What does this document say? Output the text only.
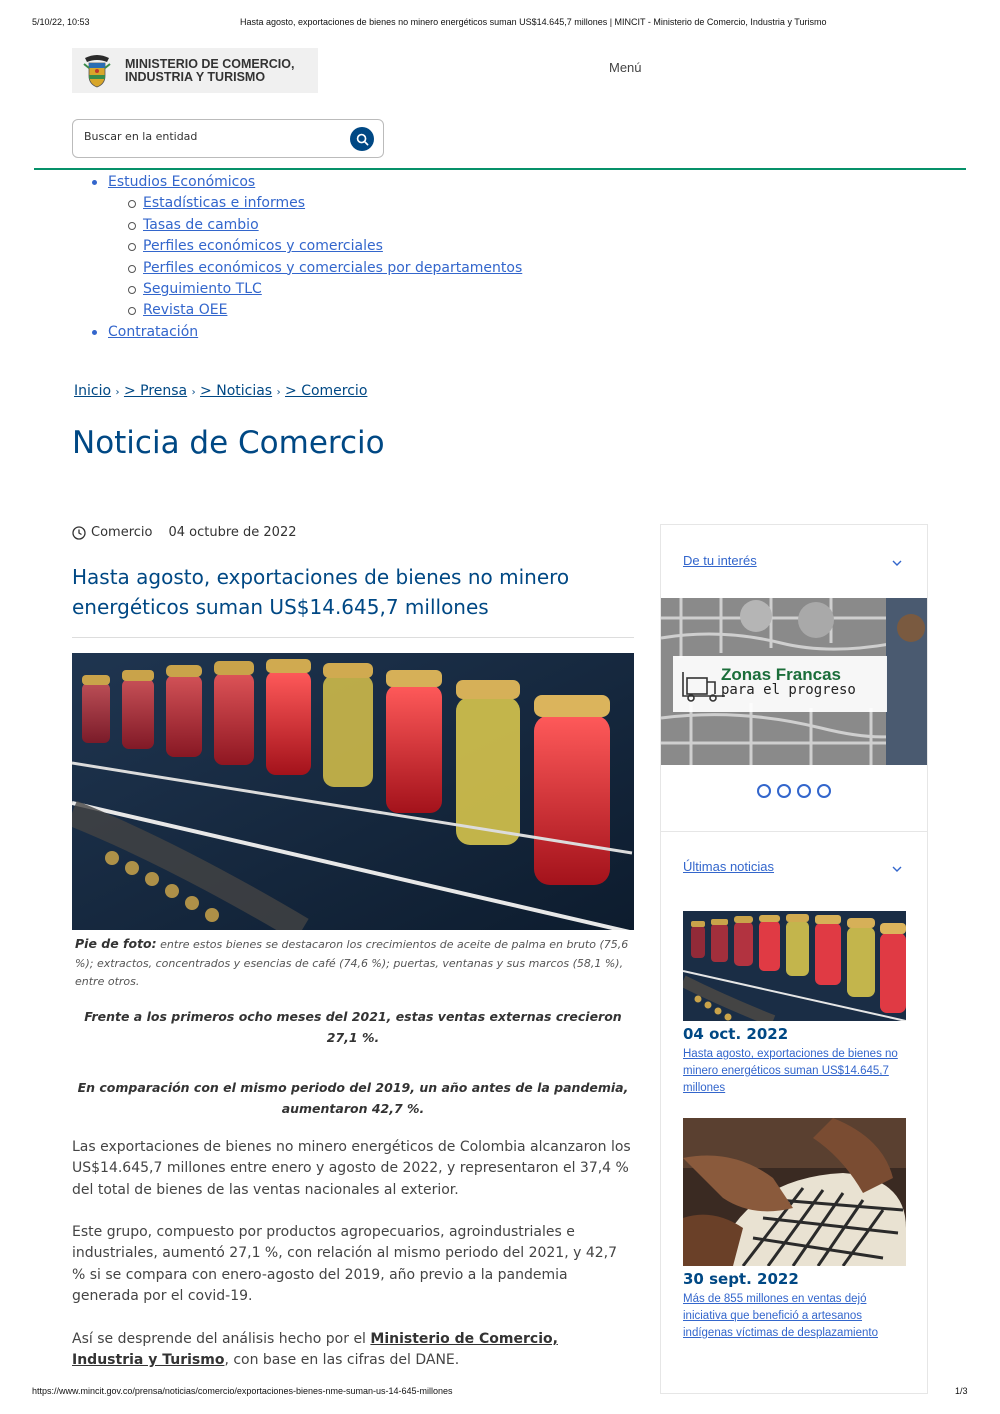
5/10/22, 10:53	Hasta agosto, exportaciones de bienes no minero energéticos suman US$14.645,7 millones | MINCIT - Ministerio de Comercio, Industria y Turismo
MINISTERIO DE COMERCIO,
INDUSTRIA Y TURISMO
Menú
Buscar en la entidad
Estudios Económicos
Estadísticas e informes
Tasas de cambio
Perfiles económicos y comerciales
Perfiles económicos y comerciales por departamentos
Seguimiento TLC
Revista OEE
Contratación
Inicio › > Prensa › > Noticias › > Comercio
Noticia de Comercio
Comercio 04 octubre de 2022
Hasta agosto, exportaciones de bienes no minero
energéticos suman US$14.645,7 millones
Pie de foto: entre estos bienes se destacaron los crecimientos de aceite de palma en bruto (75,6 %); extractos, concentrados y esencias de café (74,6 %); puertas, ventanas y sus marcos (58,1 %), entre otros.
Frente a los primeros ocho meses del 2021, estas ventas externas crecieron 27,1 %.
En comparación con el mismo periodo del 2019, un año antes de la pandemia, aumentaron 42,7 %.
Las exportaciones de bienes no minero energéticos de Colombia alcanzaron los US$14.645,7 millones entre enero y agosto de 2022, y representaron el 37,4 % del total de bienes de las ventas nacionales al exterior.
Este grupo, compuesto por productos agropecuarios, agroindustriales e industriales, aumentó 27,1 %, con relación al mismo periodo del 2021, y 42,7 % si se compara con enero-agosto del 2019, año previo a la pandemia generada por el covid-19.
Así se desprende del análisis hecho por el Ministerio de Comercio, Industria y Turismo, con base en las cifras del DANE.
De tu interés
Zonas Francas
para el progreso
Últimas noticias
04 oct. 2022
Hasta agosto, exportaciones de bienes no minero energéticos suman US$14.645,7 millones
30 sept. 2022
Más de 855 millones en ventas dejó iniciativa que benefició a artesanos indígenas víctimas de desplazamiento
https://www.mincit.gov.co/prensa/noticias/comercio/exportaciones-bienes-nme-suman-us-14-645-millones	1/3
